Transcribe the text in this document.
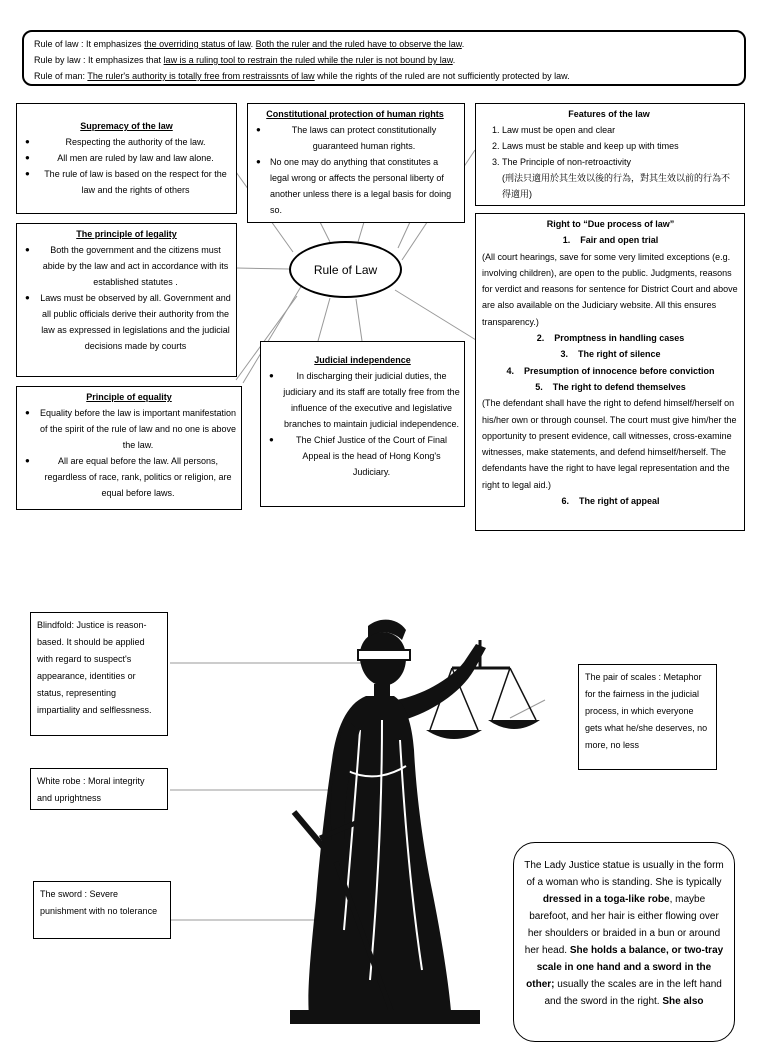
Rule of law : It emphasizes the overriding status of law. Both the ruler and the ruled have to observe the law.
Rule by law : It emphasizes that law is a ruling tool to restrain the ruled while the ruler is not bound by law.
Rule of man: The ruler's authority is totally free from restraissnts of law while the rights of the ruled are not sufficiently protected by law.
Supremacy of the law
● Respecting the authority of the law.
● All men are ruled by law and law alone.
● The rule of law is based on the respect for the law and the rights of others
Constitutional protection of human rights
● The laws can protect constitutionally guaranteed human rights.
● No one may do anything that constitutes a legal wrong or affects the personal liberty of another unless there is a legal basis for doing so.
Features of the law
1. Law must be open and clear
2. Laws must be stable and keep up with times
3. The Principle of non-retroactivity
(刑法只適用於其生效以後的行為，對其生效以前的行為不得適用)
The principle of legality
● Both the government and the citizens must abide by the law and act in accordance with its established statutes .
● Laws must be observed by all. Government and all public officials derive their authority from the law as expressed in legislations and the judicial decisions made by courts
Rule of Law
Right to “Due process of law”
1.    Fair and open trial
(All court hearings, save for some very limited exceptions (e.g. involving children), are open to the public. Judgments, reasons for verdict and reasons for sentence for District Court and above are also available on the Judiciary website. All this ensures transparency.)
2.    Promptness in handling cases
3.    The right of silence
4.    Presumption of innocence before conviction
5.    The right to defend themselves
(The defendant shall have the right to defend himself/herself on his/her own or through counsel. The court must give him/her the opportunity to present evidence, call witnesses, cross-examine witnesses, make statements, and defend himself/herself. The defendants have the right to have legal representation and the right to legal aid.)
6.    The right of appeal
Judicial independence
● In discharging their judicial duties, the judiciary and its staff are totally free from the influence of the executive and legislative branches to maintain judicial independence.
● The Chief Justice of the Court of Final Appeal is the head of Hong Kong's Judiciary.
Principle of equality
● Equality before the law is important manifestation of the spirit of the rule of law and no one is above the law.
● All are equal before the law. All persons, regardless of race, rank, politics or religion, are equal before laws.
Blindfold: Justice is reason-based. It should be applied with regard to suspect's appearance, identities or status, representing impartiality and selflessness.
The pair of scales : Metaphor for the fairness in the judicial process, in which everyone gets what he/she deserves, no more, no less
White robe : Moral integrity and uprightness
The sword : Severe punishment with no tolerance
The Lady Justice statue is usually in the form of a woman who is standing. She is typically dressed in a toga-like robe, maybe barefoot, and her hair is either flowing over her shoulders or braided in a bun or around her head. She holds a balance, or two-tray scale in one hand and a sword in the other; usually the scales are in the left hand and the sword in the right. She also
